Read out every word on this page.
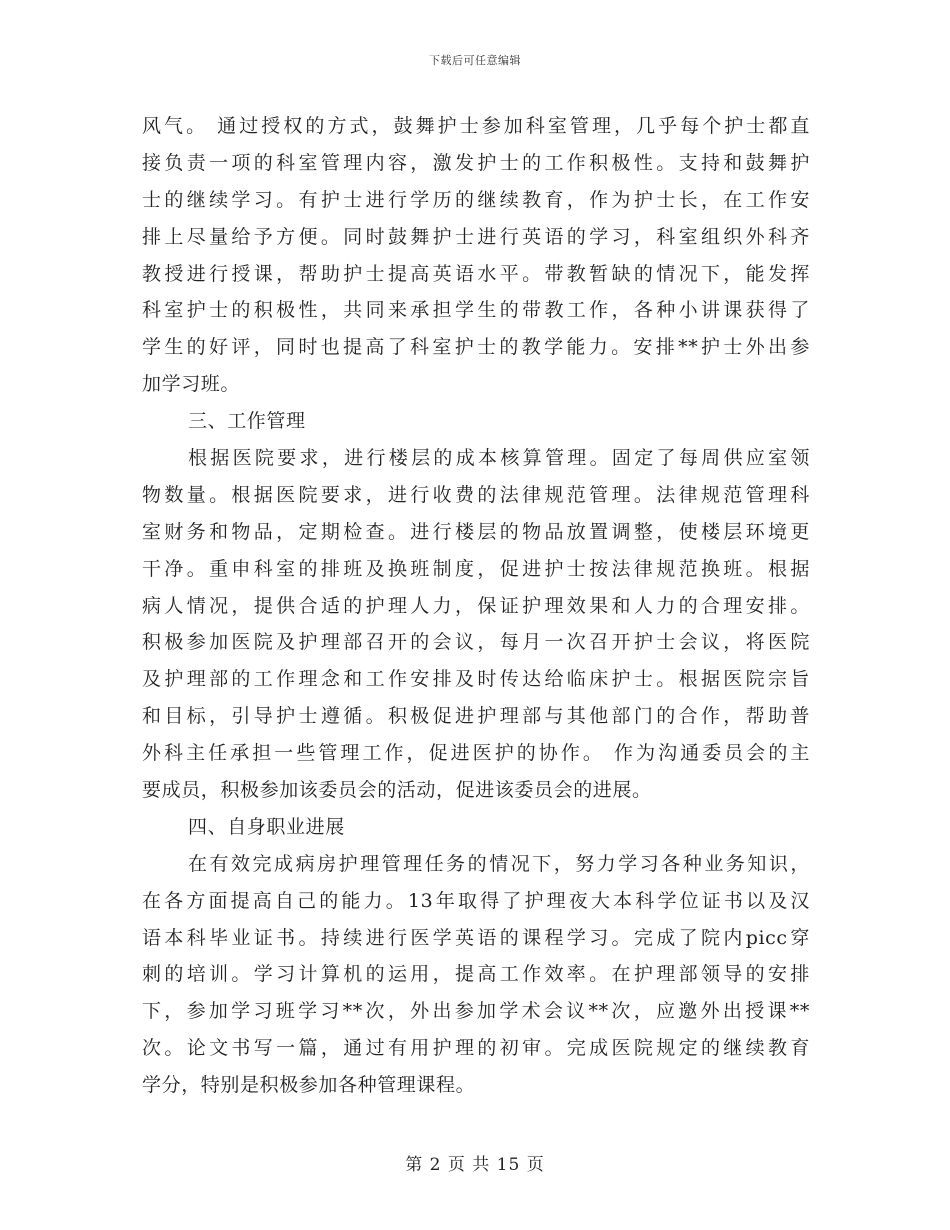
下载后可任意编辑
风气。 通过授权的方式，鼓舞护士参加科室管理，几乎每个护士都直
接负责一项的科室管理内容，激发护士的工作积极性。支持和鼓舞护
士的继续学习。有护士进行学历的继续教育，作为护士长，在工作安
排上尽量给予方便。同时鼓舞护士进行英语的学习，科室组织外科齐
教授进行授课，帮助护士提高英语水平。带教暂缺的情况下，能发挥
科室护士的积极性，共同来承担学生的带教工作，各种小讲课获得了
学生的好评，同时也提高了科室护士的教学能力。安排**护士外出参
加学习班。
三、工作管理
根据医院要求，进行楼层的成本核算管理。固定了每周供应室领
物数量。根据医院要求，进行收费的法律规范管理。法律规范管理科
室财务和物品，定期检查。进行楼层的物品放置调整，使楼层环境更
干净。重申科室的排班及换班制度，促进护士按法律规范换班。根据
病人情况，提供合适的护理人力，保证护理效果和人力的合理安排。
积极参加医院及护理部召开的会议，每月一次召开护士会议，将医院
及护理部的工作理念和工作安排及时传达给临床护士。根据医院宗旨
和目标，引导护士遵循。积极促进护理部与其他部门的合作，帮助普
外科主任承担一些管理工作，促进医护的协作。 作为沟通委员会的主
要成员，积极参加该委员会的活动，促进该委员会的进展。
四、自身职业进展
在有效完成病房护理管理任务的情况下，努力学习各种业务知识，
在各方面提高自己的能力。13年取得了护理夜大本科学位证书以及汉
语本科毕业证书。持续进行医学英语的课程学习。完成了院内picc穿
刺的培训。学习计算机的运用，提高工作效率。在护理部领导的安排
下，参加学习班学习**次，外出参加学术会议**次，应邀外出授课**
次。论文书写一篇，通过有用护理的初审。完成医院规定的继续教育
学分，特别是积极参加各种管理课程。
第 2 页 共 15 页
